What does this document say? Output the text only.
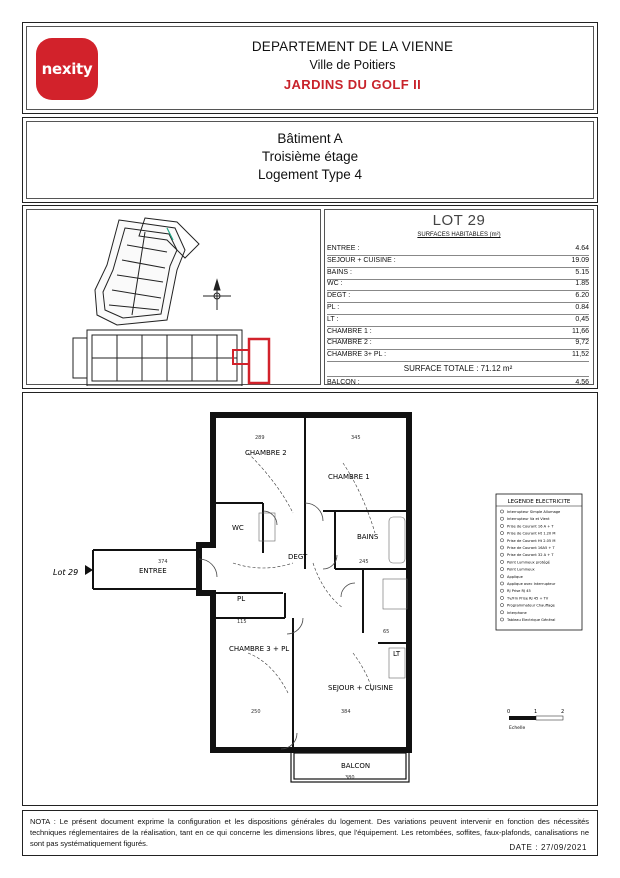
nexity
DEPARTEMENT DE LA VIENNE
Ville de Poitiers
JARDINS DU GOLF II
Bâtiment A
Troisième étage
Logement Type 4
LOT 29
SURFACES HABITABLES (m²)
ENTREE :	4.64
SEJOUR + CUISINE :	19.09
BAINS :	5.15
WC :	1.85
DEGT :	6.20
PL :	0.84
LT :	0,45
CHAMBRE 1 :	11,66
CHAMBRE 2 :	9,72
CHAMBRE 3+ PL :	11,52
SURFACE TOTALE : 71.12 m²
BALCON :	4.56
Lot 29
CHAMBRE 2
CHAMBRE 1
WC
BAINS
DEGT
ENTREE
PL
LT
CHAMBRE 3 + PL
SEJOUR + CUISINE
BALCON
289	345
374	245
250	384
380
115
65
LEGENDE ELECTRICITE
Interrupteur Simple Allumage
Interrupteur Va et Vient
Prise de Courant 16 A + T
Prise de Courant Ht 1.20 M
Prise de Courant Ht 2.05 M
Prise de Courant 16A5 + T
Prise de Courant 32 A + T
Point Lumineux protégé
Point Lumineux
Applique
Applique avec Interrupteur
RJ Prise RJ 45
Tv/Fm Prise RJ 45 + TV
Programmateur Chauffage
Interphone
Tableau Electrique Général
0	1	2
Echelle
NOTA : Le présent document exprime la configuration et les dispositions générales du logement. Des variations peuvent intervenir en fonction des nécessités techniques réglementaires de la réalisation, tant en ce qui concerne les dimensions libres, que l'équipement. Les retombées, soffites, faux-plafonds, canalisations ne sont pas systématiquement figurés.	DATE : 27/09/2021
